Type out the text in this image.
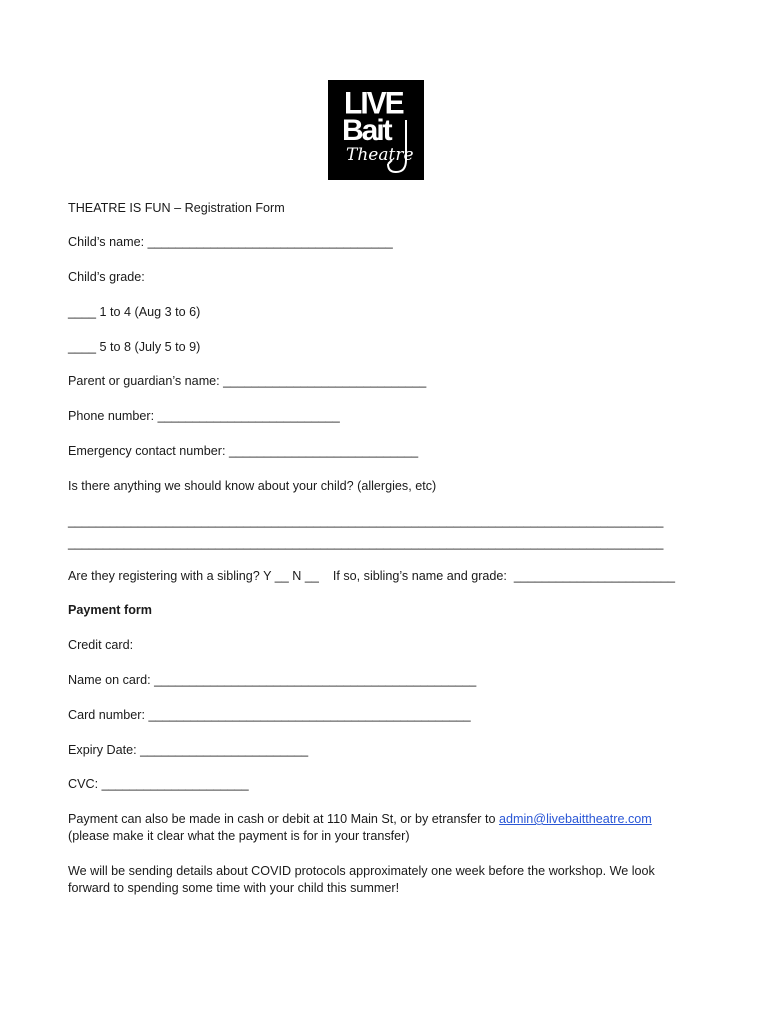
LIVE
Bait
Theatre

THEATRE IS FUN – Registration Form

Child’s name: ___________________________________

Child’s grade:

____ 1 to 4 (Aug 3 to 6)

____ 5 to 8 (July 5 to 9)

Parent or guardian’s name: _____________________________

Phone number: __________________________

Emergency contact number: ___________________________

Is there anything we should know about your child? (allergies, etc)

_____________________________________________________________________________________

_____________________________________________________________________________________

Are they registering with a sibling? Y __ N __    If so, sibling’s name and grade:  _______________________

Payment form

Credit card:

Name on card: ______________________________________________

Card number: ______________________________________________

Expiry Date: ________________________

CVC: _____________________

Payment can also be made in cash or debit at 110 Main St, or by etransfer to admin@livebaittheatre.com

(please make it clear what the payment is for in your transfer)

We will be sending details about COVID protocols approximately one week before the workshop. We look

forward to spending some time with your child this summer!
